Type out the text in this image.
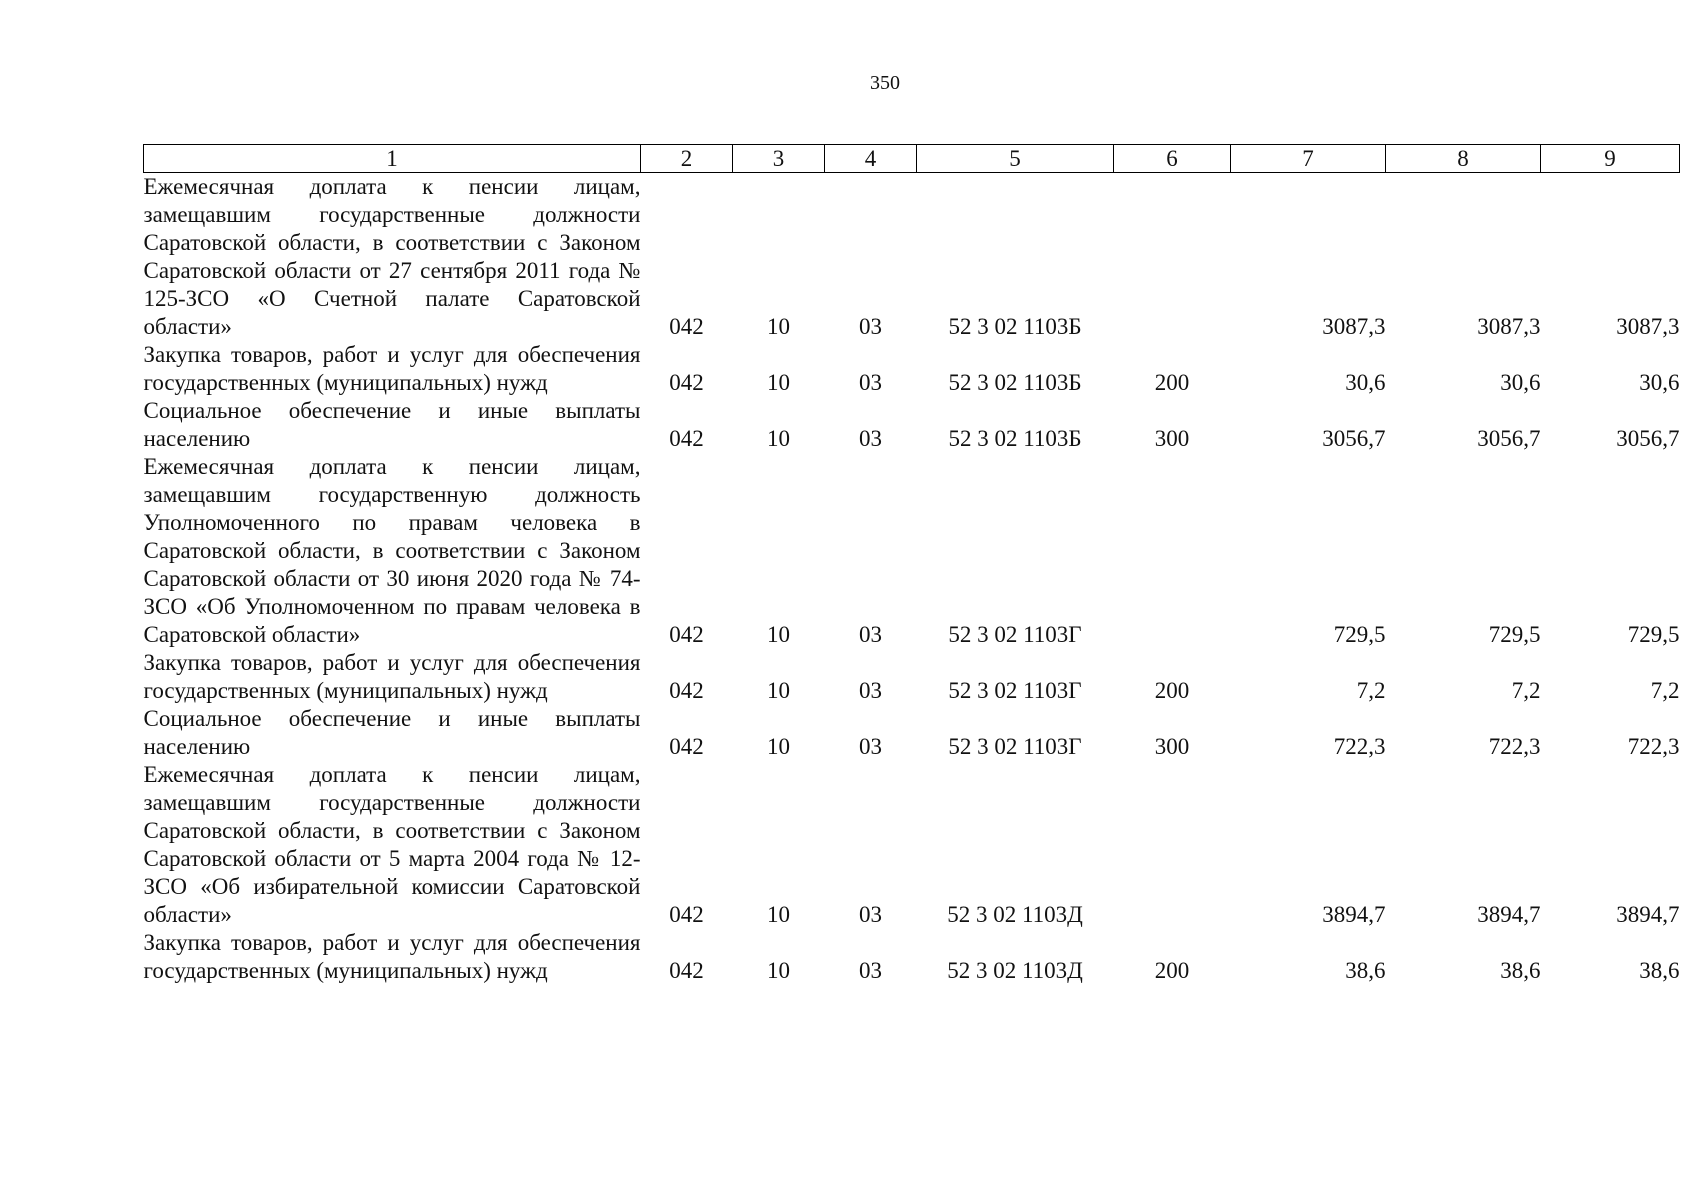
350
1	2	3	4	5	6	7	8	9
Ежемесячная доплата к пенсии лицам, замещавшим государственные должности Саратовской области, в соответствии с Законом Саратовской области от 27 сентября 2011 года № 125-ЗСО «О Счетной палате Саратовской области»	042	10	03	52 3 02 1103Б		3087,3	3087,3	3087,3
Закупка товаров, работ и услуг для обеспечения государственных (муниципальных) нужд	042	10	03	52 3 02 1103Б	200	30,6	30,6	30,6
Социальное обеспечение и иные выплаты населению	042	10	03	52 3 02 1103Б	300	3056,7	3056,7	3056,7
Ежемесячная доплата к пенсии лицам, замещавшим государственную должность Уполномоченного по правам человека в Саратовской области, в соответствии с Законом Саратовской области от 30 июня 2020 года № 74-ЗСО «Об Уполномоченном по правам человека в Саратовской области»	042	10	03	52 3 02 1103Г		729,5	729,5	729,5
Закупка товаров, работ и услуг для обеспечения государственных (муниципальных) нужд	042	10	03	52 3 02 1103Г	200	7,2	7,2	7,2
Социальное обеспечение и иные выплаты населению	042	10	03	52 3 02 1103Г	300	722,3	722,3	722,3
Ежемесячная доплата к пенсии лицам, замещавшим государственные должности Саратовской области, в соответствии с Законом Саратовской области от 5 марта 2004 года № 12-ЗСО «Об избирательной комиссии Саратовской области»	042	10	03	52 3 02 1103Д		3894,7	3894,7	3894,7
Закупка товаров, работ и услуг для обеспечения государственных (муниципальных) нужд	042	10	03	52 3 02 1103Д	200	38,6	38,6	38,6
